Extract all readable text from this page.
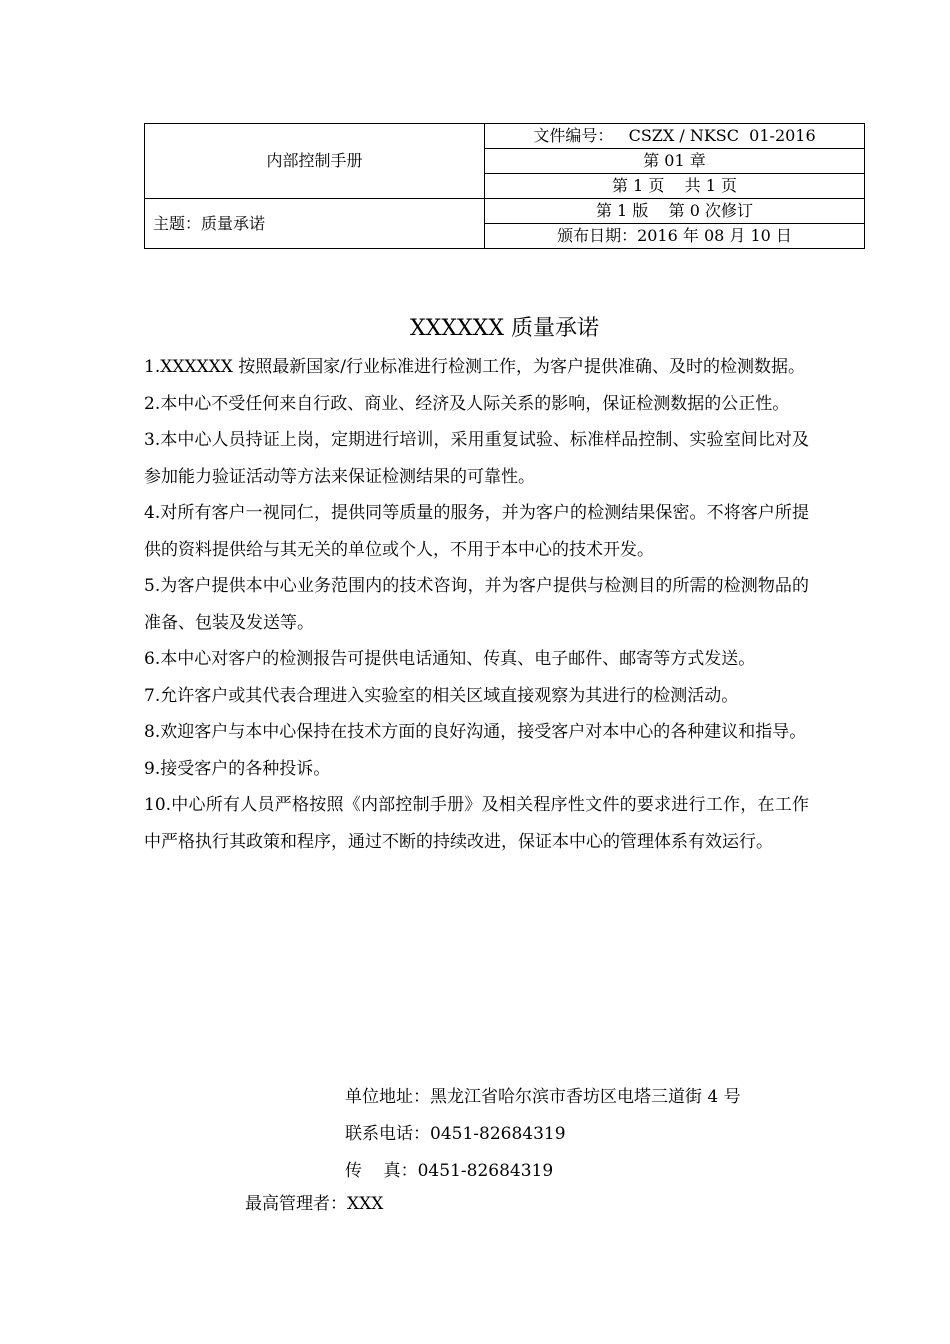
内部控制手册	文件编号：   CSZX / NKSC  01-2016
	第 01 章
	第 1 页    共 1 页
主题：质量承诺	第 1 版    第 0 次修订
	颁布日期：2016 年 08 月 10 日
XXXXXX 质量承诺

1.XXXXXX 按照最新国家/行业标准进行检测工作，为客户提供准确、及时的检测数据。

2.本中心不受任何来自行政、商业、经济及人际关系的影响，保证检测数据的公正性。

3.本中心人员持证上岗，定期进行培训，采用重复试验、标准样品控制、实验室间比对及参加能力验证活动等方法来保证检测结果的可靠性。

4.对所有客户一视同仁，提供同等质量的服务，并为客户的检测结果保密。不将客户所提供的资料提供给与其无关的单位或个人，不用于本中心的技术开发。

5.为客户提供本中心业务范围内的技术咨询，并为客户提供与检测目的所需的检测物品的准备、包装及发送等。

6.本中心对客户的检测报告可提供电话通知、传真、电子邮件、邮寄等方式发送。

7.允许客户或其代表合理进入实验室的相关区域直接观察为其进行的检测活动。

8.欢迎客户与本中心保持在技术方面的良好沟通，接受客户对本中心的各种建议和指导。

9.接受客户的各种投诉。

10.中心所有人员严格按照《内部控制手册》及相关程序性文件的要求进行工作，在工作中严格执行其政策和程序，通过不断的持续改进，保证本中心的管理体系有效运行。

单位地址：黑龙江省哈尔滨市香坊区电塔三道街 4 号
联系电话：0451-82684319
传    真：0451-82684319
最高管理者：XXX
